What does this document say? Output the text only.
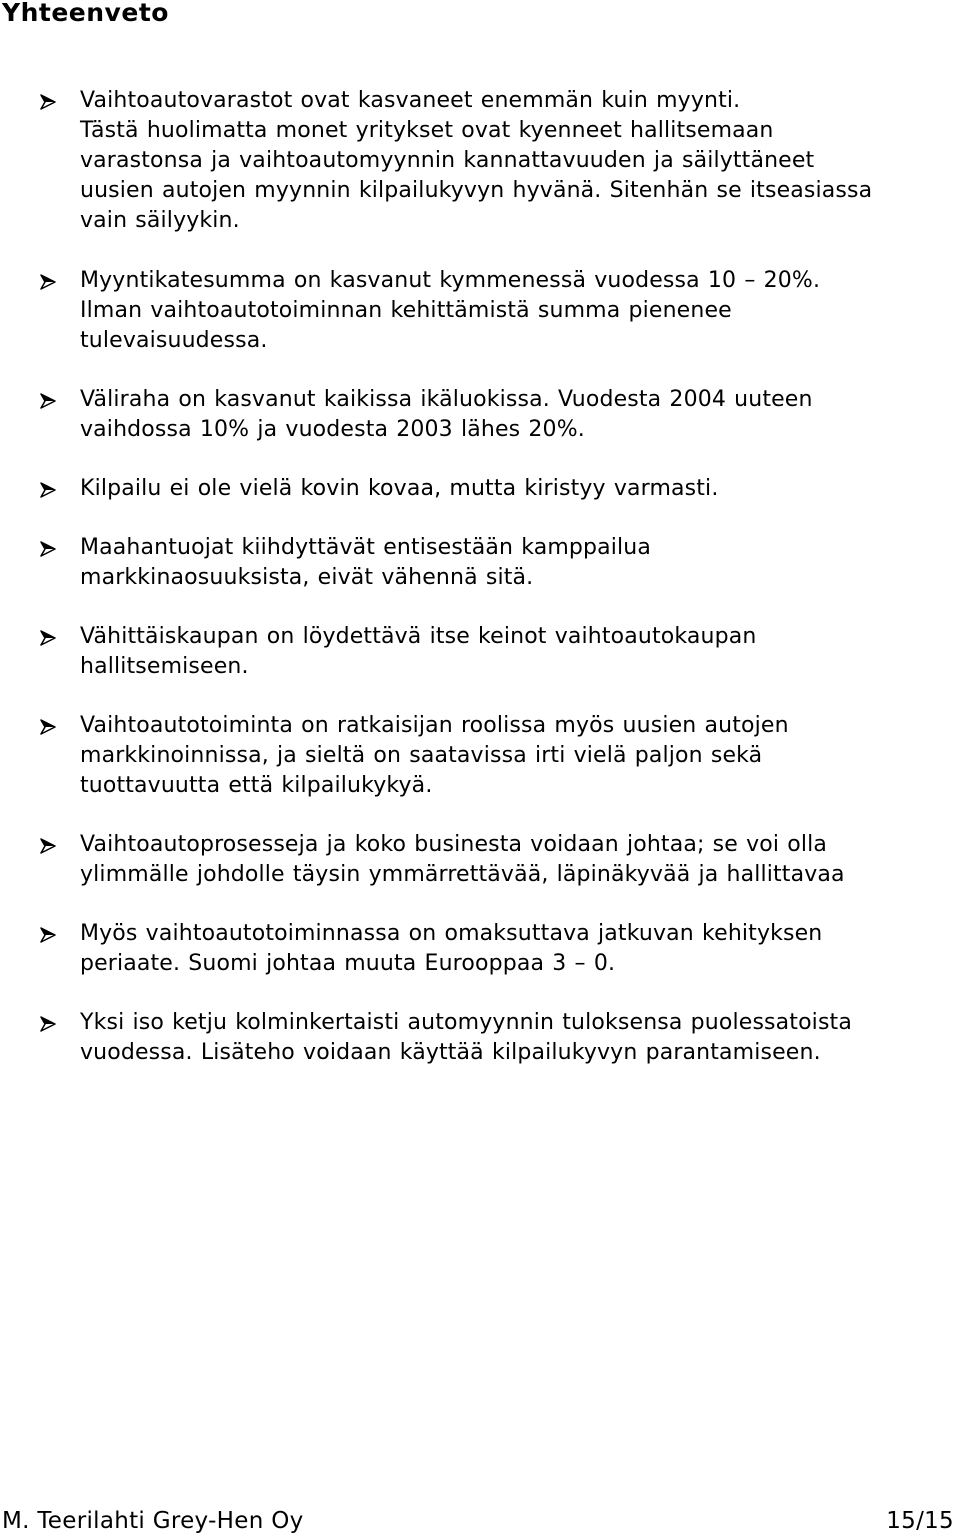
Yhteenveto
Vaihtoautovarastot ovat kasvaneet enemmän kuin myynti.
Tästä huolimatta monet yritykset ovat kyenneet hallitsemaan
varastonsa ja vaihtoautomyynnin kannattavuuden ja säilyttäneet
uusien autojen myynnin kilpailukyvyn hyvänä. Sitenhän se itseasiassa
vain säilyykin.
Myyntikatesumma on kasvanut kymmenessä vuodessa 10 – 20%.
Ilman vaihtoautotoiminnan kehittämistä summa pienenee
tulevaisuudessa.
Väliraha on kasvanut kaikissa ikäluokissa. Vuodesta 2004 uuteen
vaihdossa 10% ja vuodesta 2003 lähes 20%.
Kilpailu ei ole vielä kovin kovaa, mutta kiristyy varmasti.
Maahantuojat kiihdyttävät entisestään kamppailua
markkinaosuuksista, eivät vähennä sitä.
Vähittäiskaupan on löydettävä itse keinot vaihtoautokaupan
hallitsemiseen.
Vaihtoautotoiminta on ratkaisijan roolissa myös uusien autojen
markkinoinnissa, ja sieltä on saatavissa irti vielä paljon sekä
tuottavuutta että kilpailukykyä.
Vaihtoautoprosesseja ja koko businesta voidaan johtaa; se voi olla
ylimmälle johdolle täysin ymmärrettävää, läpinäkyvää ja hallittavaa
Myös vaihtoautotoiminnassa on omaksuttava jatkuvan kehityksen
periaate. Suomi johtaa muuta Eurooppaa 3 – 0.
Yksi iso ketju kolminkertaisti automyynnin tuloksensa puolessatoista
vuodessa. Lisäteho voidaan käyttää kilpailukyvyn parantamiseen.
M. Teerilahti Grey-Hen Oy	15/15
